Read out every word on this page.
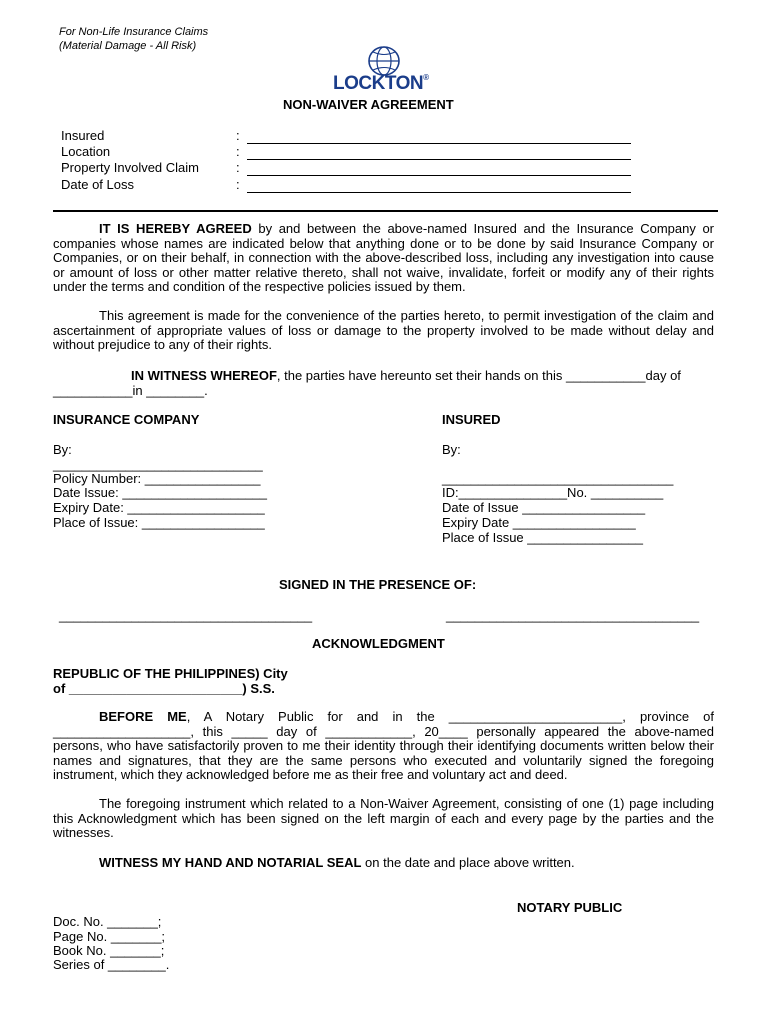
For Non-Life Insurance Claims
(Material Damage - All Risk)
LOCKTON®
NON-WAIVER AGREEMENT
Insured	:
Location	:
Property Involved Claim	:
Date of Loss	:
IT IS HEREBY AGREED by and between the above-named Insured and the Insurance Company or companies whose names are indicated below that anything done or to be done by said Insurance Company or Companies, or on their behalf, in connection with the above-described loss, including any investigation into cause or amount of loss or other matter relative thereto, shall not waive, invalidate, forfeit or modify any of their rights under the terms and condition of the respective policies issued by them.
This agreement is made for the convenience of the parties hereto, to permit investigation of the claim and ascertainment of appropriate values of loss or damage to the property involved to be made without delay and without prejudice to any of their rights.
IN WITNESS WHEREOF, the parties have hereunto set their hands on this ___________day of
___________in ________.
INSURANCE COMPANY
By:
_____________________________
Policy Number: ________________
Date Issue: ____________________
Expiry Date: ___________________
Place of Issue: _________________
INSURED
By:
________________________________
ID:_______________No. __________
Date of Issue _________________
Expiry Date _________________
Place of Issue ________________
SIGNED IN THE PRESENCE OF:
___________________________________	___________________________________
ACKNOWLEDGMENT
REPUBLIC OF THE PHILIPPINES) City
of ________________________) S.S.
BEFORE ME, A Notary Public for and in the ________________________, province of ___________________, this _____ day of ____________, 20____ personally appeared the above-named persons, who have satisfactorily proven to me their identity through their identifying documents written below their names and signatures, that they are the same persons who executed and voluntarily signed the foregoing instrument, which they acknowledged before me as their free and voluntary act and deed.
The foregoing instrument which related to a Non-Waiver Agreement, consisting of one (1) page including this Acknowledgment which has been signed on the left margin of each and every page by the parties and the witnesses.
WITNESS MY HAND AND NOTARIAL SEAL on the date and place above written.
NOTARY PUBLIC
Doc. No. _______;
Page No. _______;
Book No. _______;
Series of ________.
